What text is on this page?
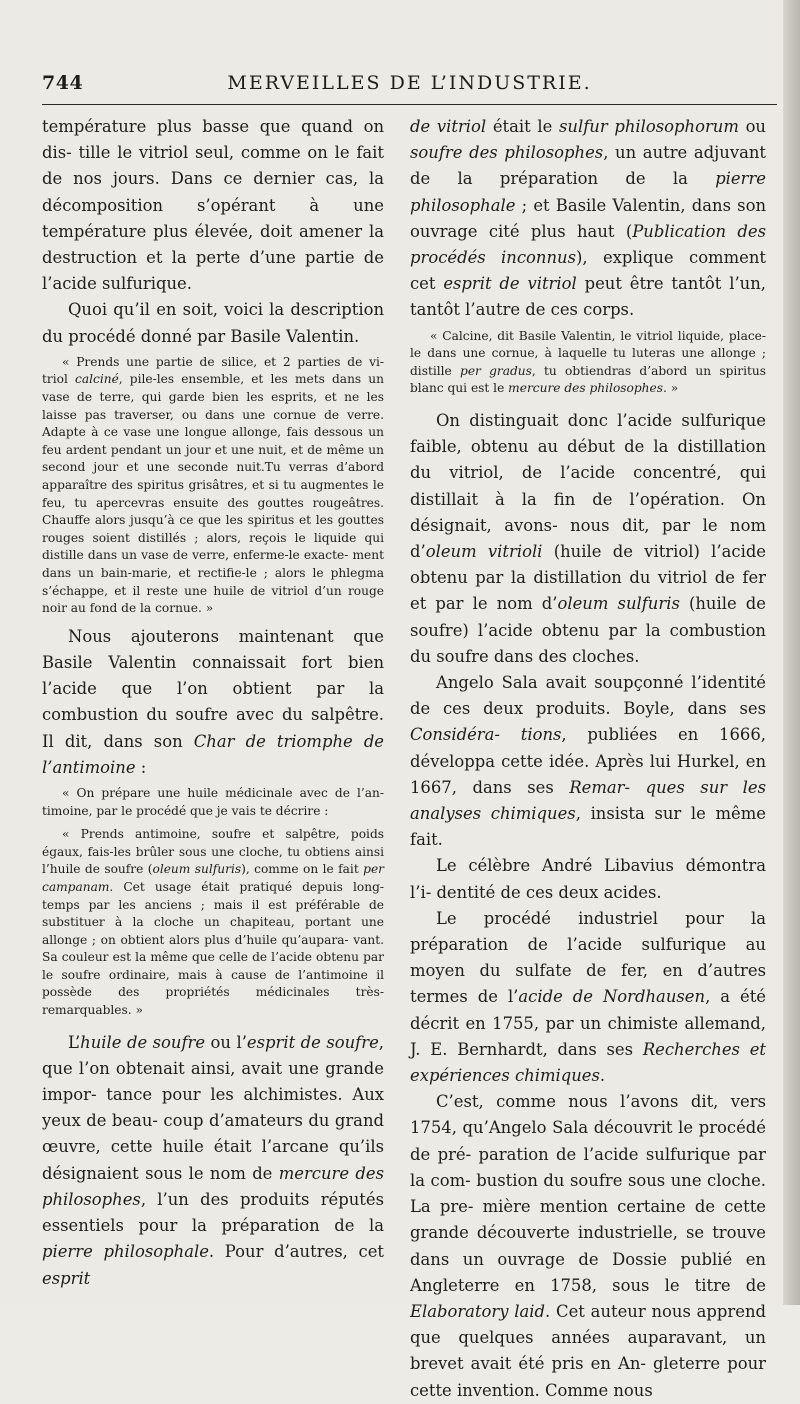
744	MERVEILLES DE L’INDUSTRIE.

température plus basse que quand on dis- tille le vitriol seul, comme on le fait de nos jours. Dans ce dernier cas, la décomposition s’opérant à une température plus élevée, doit amener la destruction et la perte d’une partie de l’acide sulfurique.

Quoi qu’il en soit, voici la description du procédé donné par Basile Valentin.

« Prends une partie de silice, et 2 parties de vi- triol calciné, pile-les ensemble, et les mets dans un vase de terre, qui garde bien les esprits, et ne les laisse pas traverser, ou dans une cornue de verre. Adapte à ce vase une longue allonge, fais dessous un feu ardent pendant un jour et une nuit, et de même un second jour et une seconde nuit.Tu verras d’abord apparaître des spiritus grisâtres, et si tu augmentes le feu, tu apercevras ensuite des gouttes rougeâtres. Chauffe alors jusqu’à ce que les spiritus et les gouttes rouges soient distillés ; alors, reçois le liquide qui distille dans un vase de verre, enferme-le exacte- ment dans un bain-marie, et rectifie-le ; alors le phlegma s’échappe, et il reste une huile de vitriol d’un rouge noir au fond de la cornue. »

Nous ajouterons maintenant que Basile Valentin connaissait fort bien l’acide que l’on obtient par la combustion du soufre avec du salpêtre. Il dit, dans son Char de triomphe de l’antimoine :

« On prépare une huile médicinale avec de l’an- timoine, par le procédé que je vais te décrire :

« Prends antimoine, soufre et salpêtre, poids égaux, fais-les brûler sous une cloche, tu obtiens ainsi l’huile de soufre (oleum sulfuris), comme on le fait per campanam. Cet usage était pratiqué depuis long- temps par les anciens ; mais il est préférable de substituer à la cloche un chapiteau, portant une allonge ; on obtient alors plus d’huile qu’aupara- vant. Sa couleur est la même que celle de l’acide obtenu par le soufre ordinaire, mais à cause de l’antimoine il possède des propriétés médicinales très-remarquables. »

L’huile de soufre ou l’esprit de soufre, que l’on obtenait ainsi, avait une grande impor- tance pour les alchimistes. Aux yeux de beau- coup d’amateurs du grand œuvre, cette huile était l’arcane qu’ils désignaient sous le nom de mercure des philosophes, l’un des produits réputés essentiels pour la préparation de la pierre philosophale. Pour d’autres, cet esprit

de vitriol était le sulfur philosophorum ou soufre des philosophes, un autre adjuvant de la préparation de la pierre philosophale ; et Basile Valentin, dans son ouvrage cité plus haut (Publication des procédés inconnus), explique comment cet esprit de vitriol peut être tantôt l’un, tantôt l’autre de ces corps.

« Calcine, dit Basile Valentin, le vitriol liquide, place-le dans une cornue, à laquelle tu luteras une allonge ; distille per gradus, tu obtiendras d’abord un spiritus blanc qui est le mercure des philosophes. »

On distinguait donc l’acide sulfurique faible, obtenu au début de la distillation du vitriol, de l’acide concentré, qui distillait à la fin de l’opération. On désignait, avons- nous dit, par le nom d’oleum vitrioli (huile de vitriol) l’acide obtenu par la distillation du vitriol de fer et par le nom d’oleum sulfuris (huile de soufre) l’acide obtenu par la combustion du soufre dans des cloches.

Angelo Sala avait soupçonné l’identité de ces deux produits. Boyle, dans ses Considéra- tions, publiées en 1666, développa cette idée. Après lui Hurkel, en 1667, dans ses Remar- ques sur les analyses chimiques, insista sur le même fait.

Le célèbre André Libavius démontra l’i- dentité de ces deux acides.

Le procédé industriel pour la préparation de l’acide sulfurique au moyen du sulfate de fer, en d’autres termes de l’acide de Nordhausen, a été décrit en 1755, par un chimiste allemand, J. E. Bernhardt, dans ses Recherches et expériences chimiques.

C’est, comme nous l’avons dit, vers 1754, qu’Angelo Sala découvrit le procédé de pré- paration de l’acide sulfurique par la com- bustion du soufre sous une cloche. La pre- mière mention certaine de cette grande découverte industrielle, se trouve dans un ouvrage de Dossie publié en Angleterre en 1758, sous le titre de Elaboratory laid. Cet auteur nous apprend que quelques années auparavant, un brevet avait été pris en An- gleterre pour cette invention. Comme nous
